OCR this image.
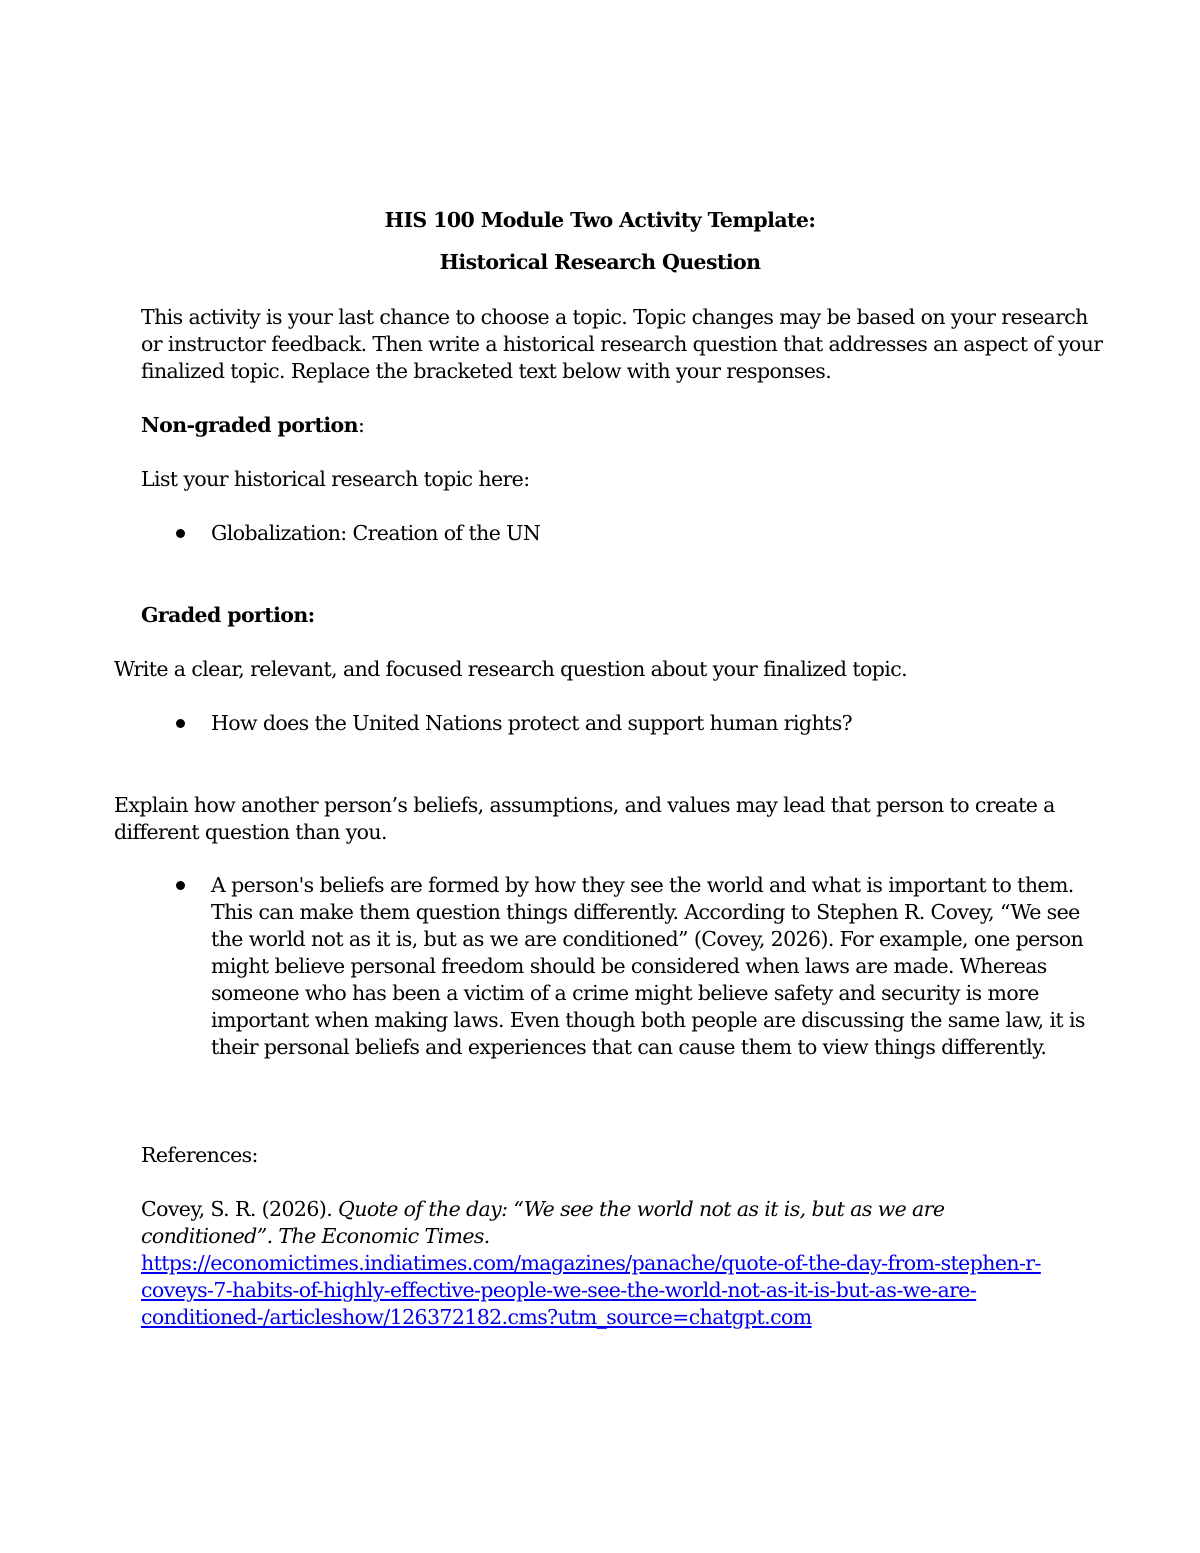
HIS 100 Module Two Activity Template:
Historical Research Question
This activity is your last chance to choose a topic. Topic changes may be based on your research
or instructor feedback. Then write a historical research question that addresses an aspect of your
finalized topic. Replace the bracketed text below with your responses.
Non-graded portion:
List your historical research topic here:
Globalization: Creation of the UN
Graded portion:
Write a clear, relevant, and focused research question about your finalized topic.
How does the United Nations protect and support human rights?
Explain how another person’s beliefs, assumptions, and values may lead that person to create a
different question than you.
A person's beliefs are formed by how they see the world and what is important to them.
This can make them question things differently. According to Stephen R. Covey, “We see
the world not as it is, but as we are conditioned” (Covey, 2026). For example, one person
might believe personal freedom should be considered when laws are made. Whereas
someone who has been a victim of a crime might believe safety and security is more
important when making laws. Even though both people are discussing the same law, it is
their personal beliefs and experiences that can cause them to view things differently.
References:
Covey, S. R. (2026). Quote of the day: “We see the world not as it is, but as we are
conditioned”. The Economic Times.
https://economictimes.indiatimes.com/magazines/panache/quote-of-the-day-from-stephen-r-
coveys-7-habits-of-highly-effective-people-we-see-the-world-not-as-it-is-but-as-we-are-
conditioned-/articleshow/126372182.cms?utm_source=chatgpt.com
